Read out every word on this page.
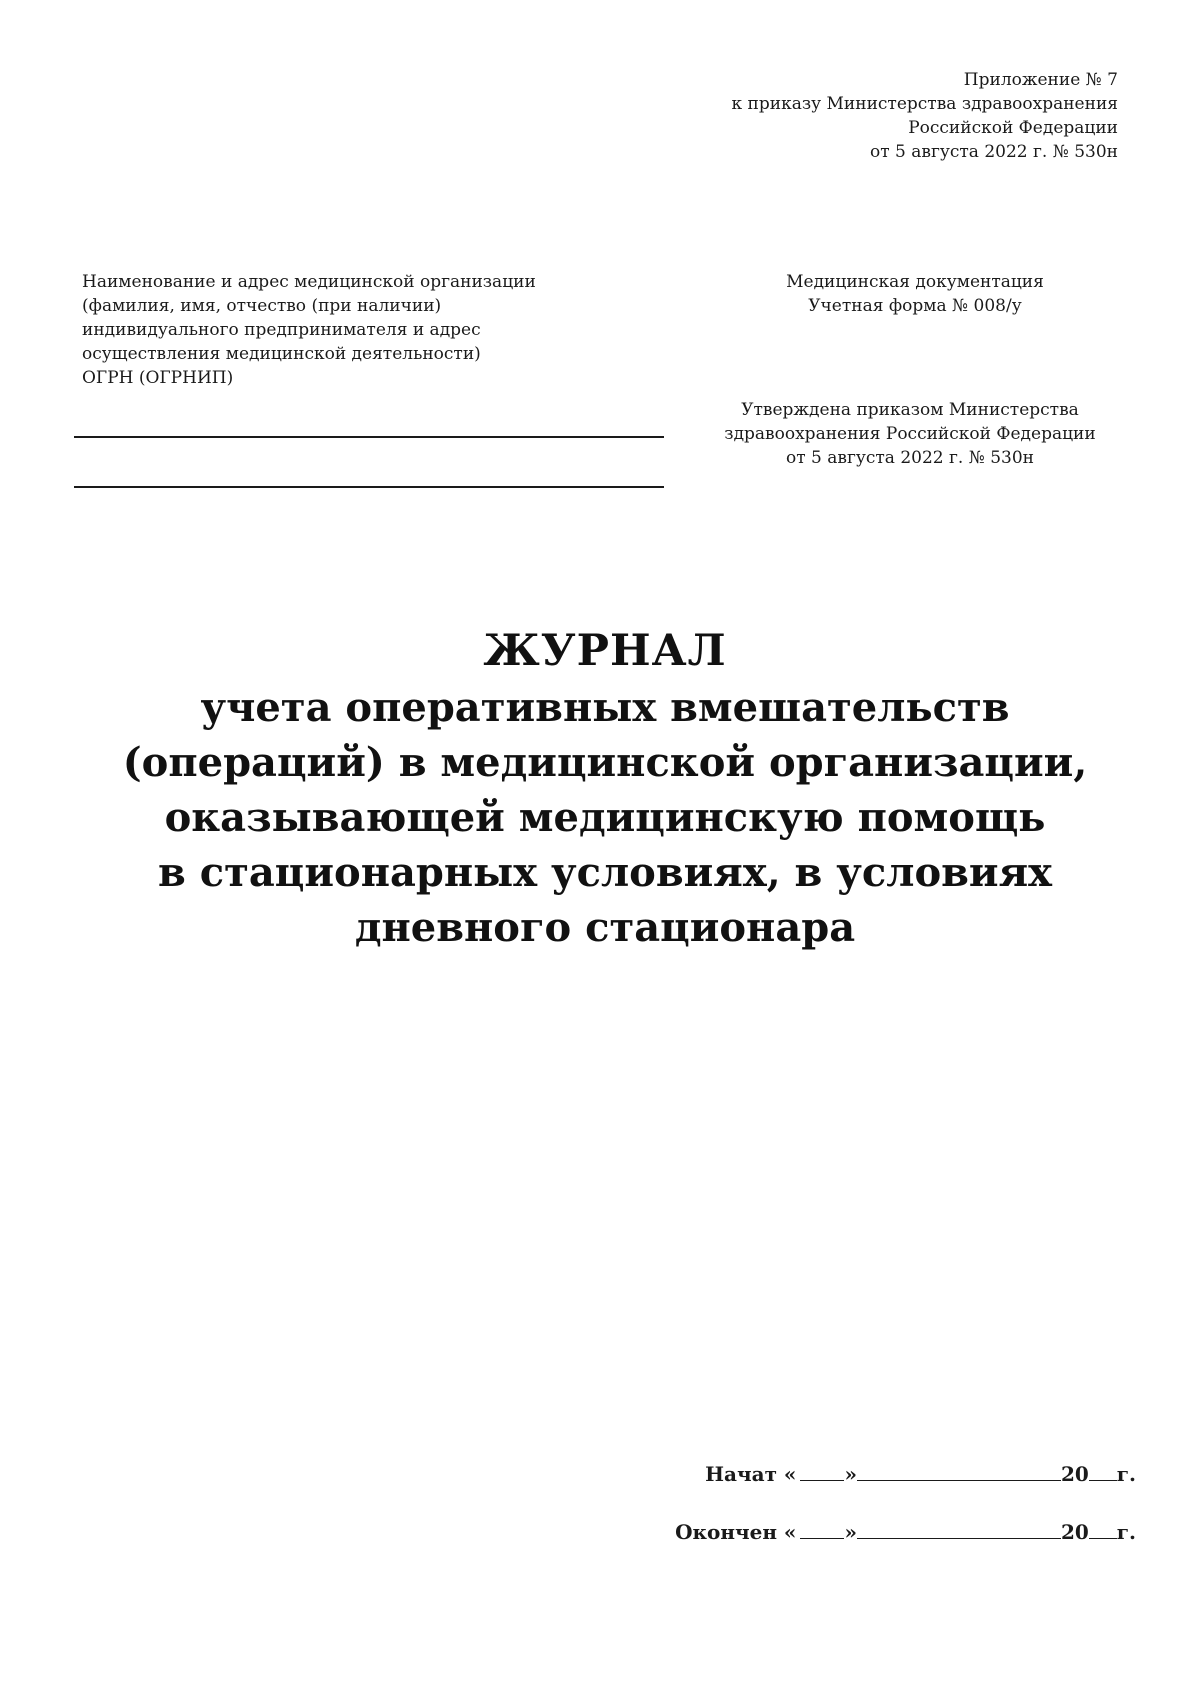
Приложение № 7
к приказу Министерства здравоохранения
Российской Федерации
от 5 августа 2022 г. № 530н
Наименование и адрес медицинской организации
(фамилия, имя, отчество (при наличии)
индивидуального предпринимателя и адрес
осуществления медицинской деятельности)
ОГРН (ОГРНИП)
Медицинская документация
Учетная форма № 008/у
Утверждена приказом Министерства
здравоохранения Российской Федерации
от 5 августа 2022 г. № 530н
ЖУРНАЛ
учета оперативных вмешательств
(операций) в медицинской организации,
оказывающей медицинскую помощь
в стационарных условиях, в условиях
дневного стационара
Начат « »	20 г.
Окончен « »	20 г.
